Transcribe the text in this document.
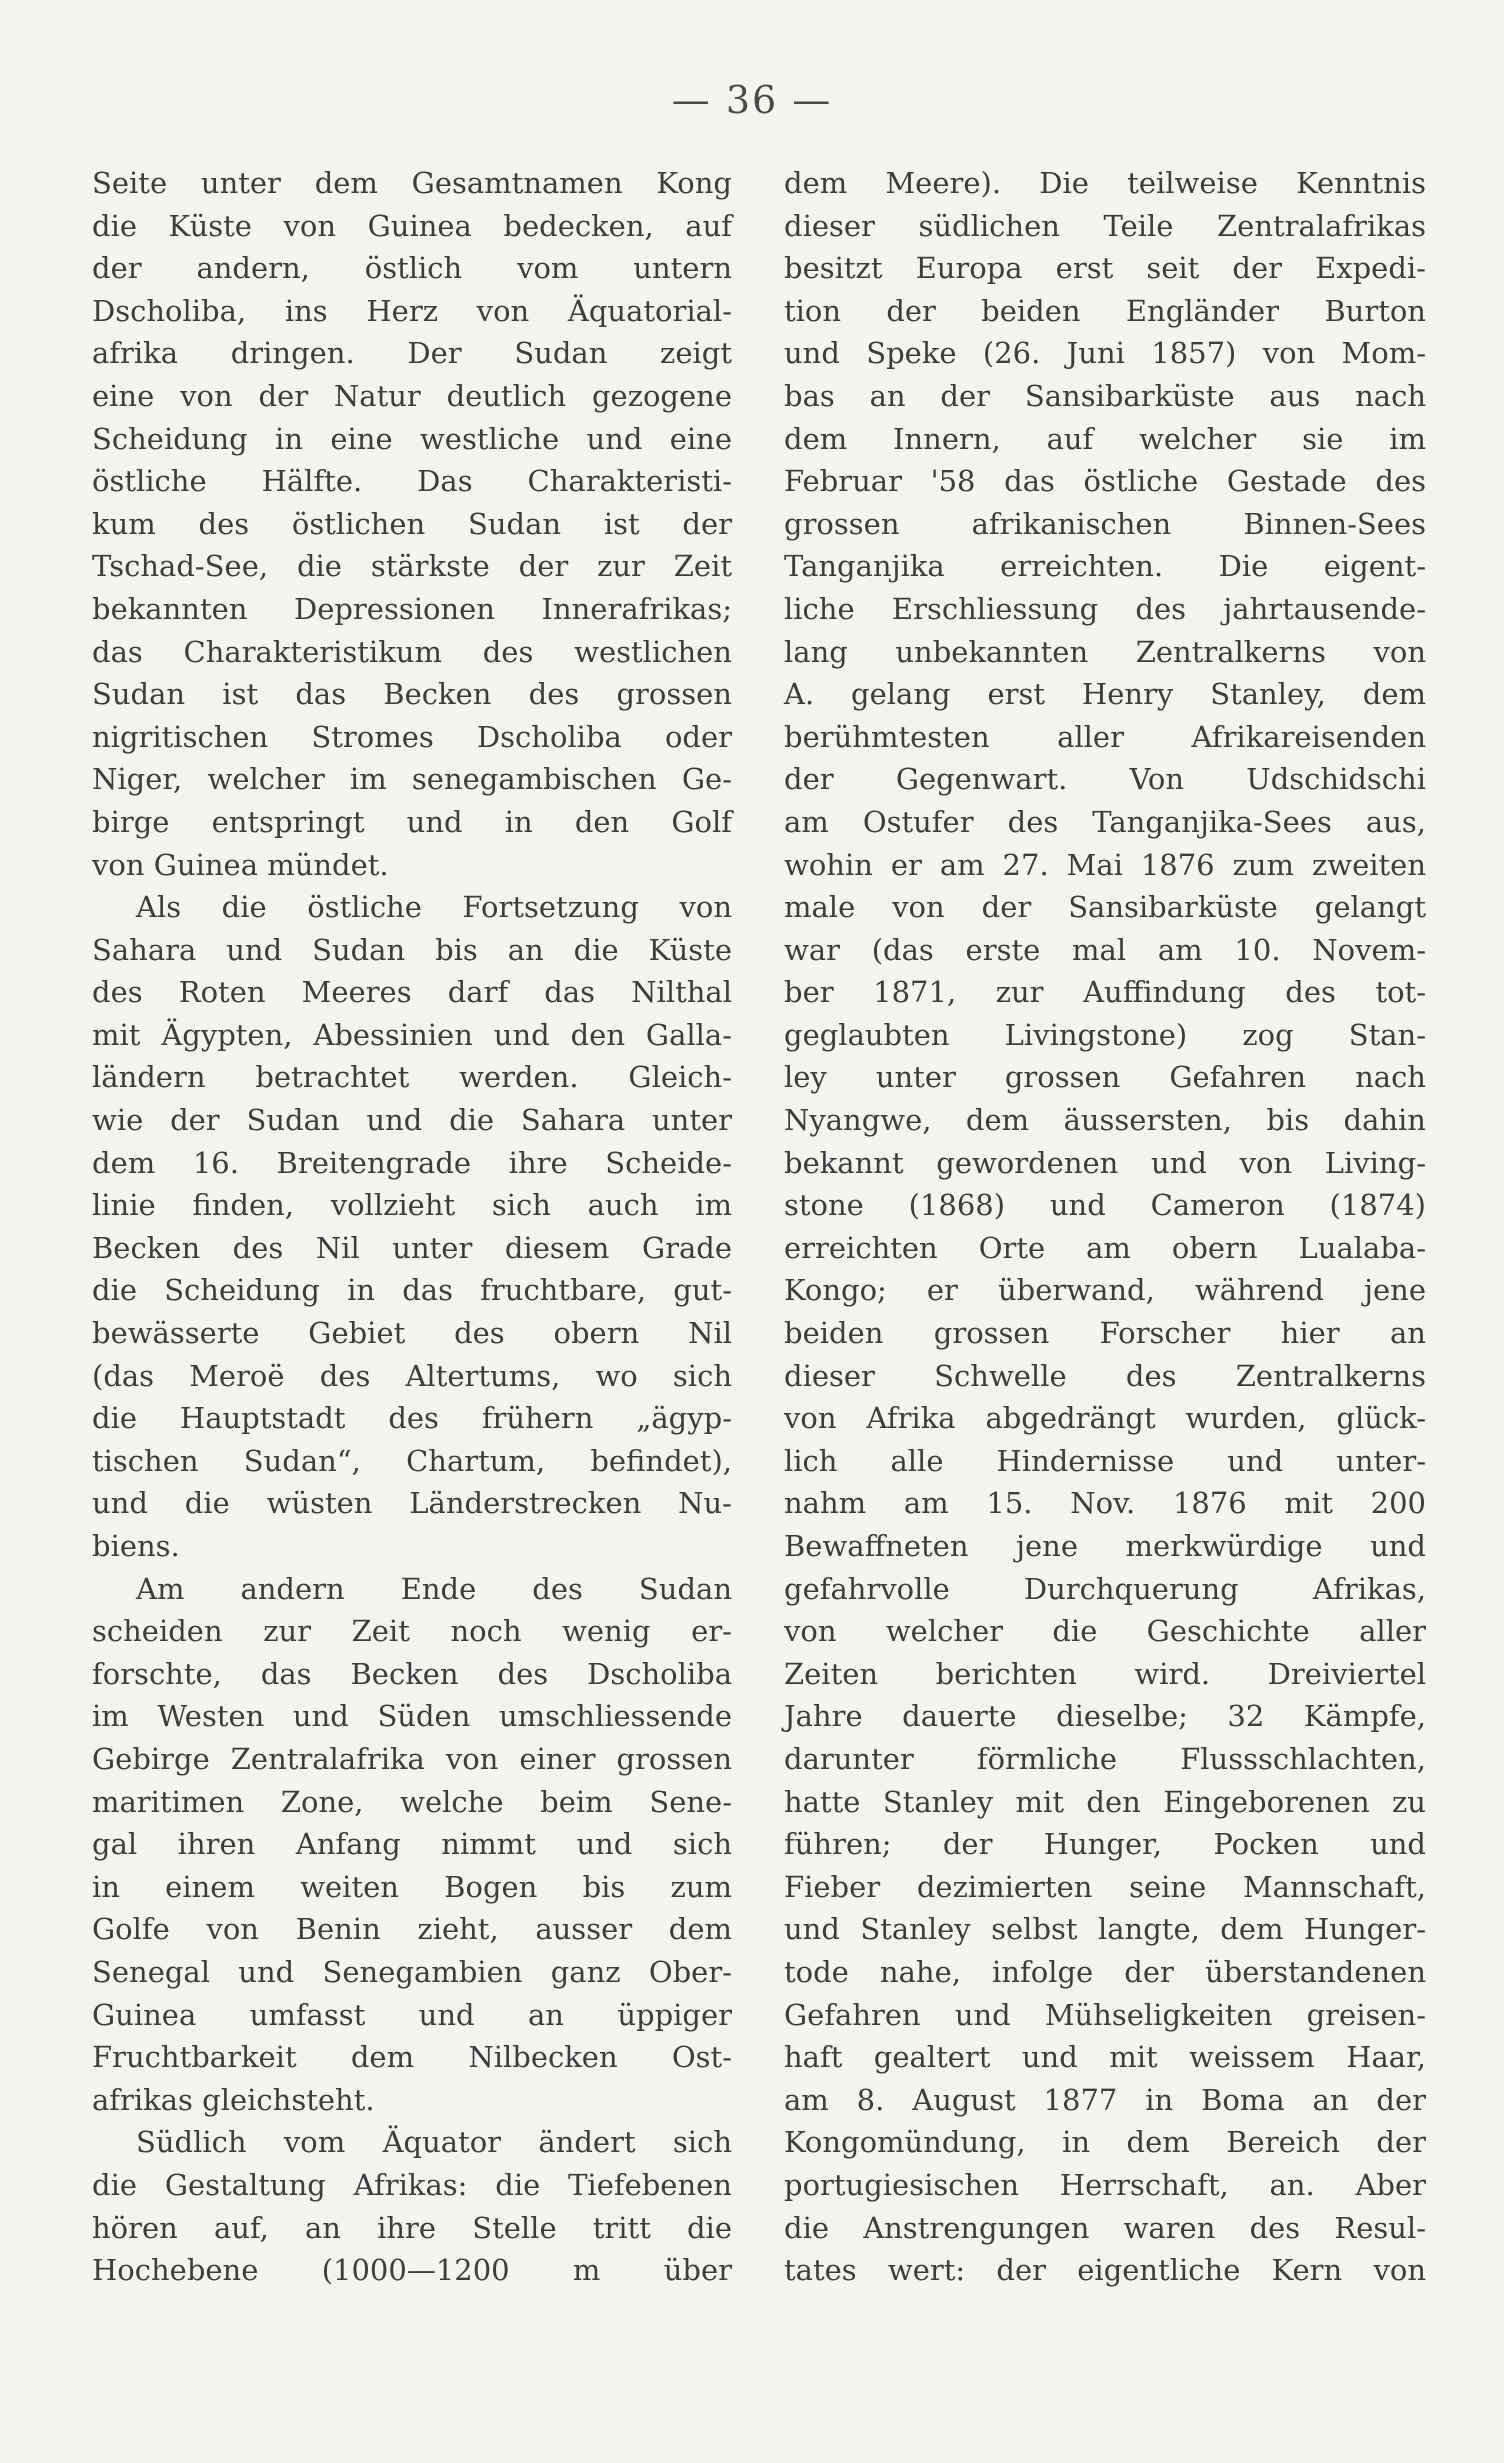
— 36 —
Seite unter dem Gesamtnamen Kong
die Küste von Guinea bedecken, auf
der andern, östlich vom untern
Dscholiba, ins Herz von Äquatorial-
afrika dringen. Der Sudan zeigt
eine von der Natur deutlich gezogene
Scheidung in eine westliche und eine
östliche Hälfte. Das Charakteristi-
kum des östlichen Sudan ist der
Tschad-See, die stärkste der zur Zeit
bekannten Depressionen Innerafrikas;
das Charakteristikum des westlichen
Sudan ist das Becken des grossen
nigritischen Stromes Dscholiba oder
Niger, welcher im senegambischen Ge-
birge entspringt und in den Golf
von Guinea mündet.
Als die östliche Fortsetzung von
Sahara und Sudan bis an die Küste
des Roten Meeres darf das Nilthal
mit Ägypten, Abessinien und den Galla-
ländern betrachtet werden. Gleich-
wie der Sudan und die Sahara unter
dem 16. Breitengrade ihre Scheide-
linie finden, vollzieht sich auch im
Becken des Nil unter diesem Grade
die Scheidung in das fruchtbare, gut-
bewässerte Gebiet des obern Nil
(das Meroë des Altertums, wo sich
die Hauptstadt des frühern „ägyp-
tischen Sudan“, Chartum, befindet),
und die wüsten Länderstrecken Nu-
biens.
Am andern Ende des Sudan
scheiden zur Zeit noch wenig er-
forschte, das Becken des Dscholiba
im Westen und Süden umschliessende
Gebirge Zentralafrika von einer grossen
maritimen Zone, welche beim Sene-
gal ihren Anfang nimmt und sich
in einem weiten Bogen bis zum
Golfe von Benin zieht, ausser dem
Senegal und Senegambien ganz Ober-
Guinea umfasst und an üppiger
Fruchtbarkeit dem Nilbecken Ost-
afrikas gleichsteht.
Südlich vom Äquator ändert sich
die Gestaltung Afrikas: die Tiefebenen
hören auf, an ihre Stelle tritt die
Hochebene (1000—1200 m über
dem Meere). Die teilweise Kenntnis
dieser südlichen Teile Zentralafrikas
besitzt Europa erst seit der Expedi-
tion der beiden Engländer Burton
und Speke (26. Juni 1857) von Mom-
bas an der Sansibarküste aus nach
dem Innern, auf welcher sie im
Februar '58 das östliche Gestade des
grossen afrikanischen Binnen-Sees
Tanganjika erreichten. Die eigent-
liche Erschliessung des jahrtausende-
lang unbekannten Zentralkerns von
A. gelang erst Henry Stanley, dem
berühmtesten aller Afrikareisenden
der Gegenwart. Von Udschidschi
am Ostufer des Tanganjika-Sees aus,
wohin er am 27. Mai 1876 zum zweiten
male von der Sansibarküste gelangt
war (das erste mal am 10. Novem-
ber 1871, zur Auffindung des tot-
geglaubten Livingstone) zog Stan-
ley unter grossen Gefahren nach
Nyangwe, dem äussersten, bis dahin
bekannt gewordenen und von Living-
stone (1868) und Cameron (1874)
erreichten Orte am obern Lualaba-
Kongo; er überwand, während jene
beiden grossen Forscher hier an
dieser Schwelle des Zentralkerns
von Afrika abgedrängt wurden, glück-
lich alle Hindernisse und unter-
nahm am 15. Nov. 1876 mit 200
Bewaffneten jene merkwürdige und
gefahrvolle Durchquerung Afrikas,
von welcher die Geschichte aller
Zeiten berichten wird. Dreiviertel
Jahre dauerte dieselbe; 32 Kämpfe,
darunter förmliche Flussschlachten,
hatte Stanley mit den Eingeborenen zu
führen; der Hunger, Pocken und
Fieber dezimierten seine Mannschaft,
und Stanley selbst langte, dem Hunger-
tode nahe, infolge der überstandenen
Gefahren und Mühseligkeiten greisen-
haft gealtert und mit weissem Haar,
am 8. August 1877 in Boma an der
Kongomündung, in dem Bereich der
portugiesischen Herrschaft, an. Aber
die Anstrengungen waren des Resul-
tates wert: der eigentliche Kern von
